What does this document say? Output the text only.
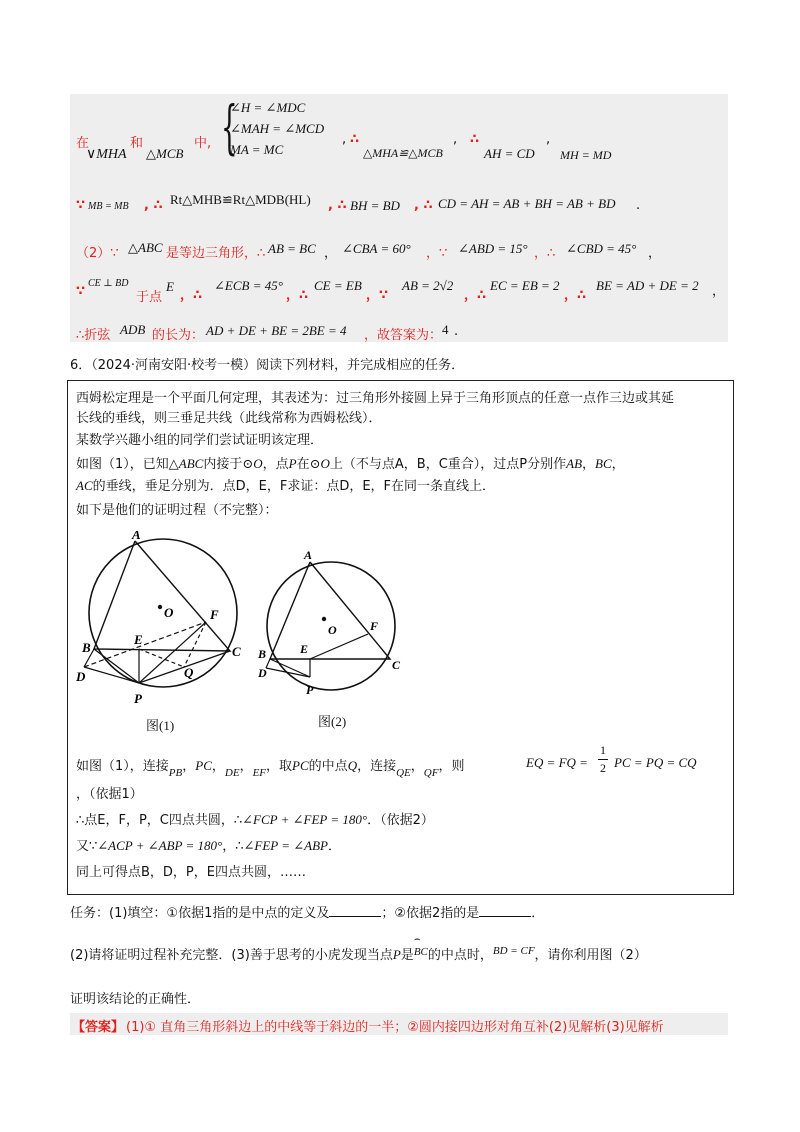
在
∨MHA
和
△MCB
中, {
∠H = ∠MDC
∠MAH = ∠MCD
MA = MC
, ∴
△MHA≌△MCB
, ∴
AH = CD
,
MH = MD
∵ MB = MB , ∴ Rt△MHB≌Rt△MDB(HL) , ∴ BH = BD , ∴ CD = AH = AB + BH = AB + BD .
（2）∵ △ABC 是等边三角形，∴ AB = BC ， ∠CBA = 60° ，∵ ∠ABD = 15° ，∴ ∠CBD = 45° ，
∵
CE ⊥ BD
于点
E
，∴
∠ECB = 45°
，∴
CE = EB
，∵
AB = 2√2
，∴
EC = EB = 2
，∴
BE = AD + DE = 2 ，
∴折弦 ADB 的长为： AD + DE + BE = 2BE = 4 ，故答案为： 4 .
6．（2024·河南安阳·校考一模）阅读下列材料，并完成相应的任务．
西姆松定理是一个平面几何定理，其表述为：过三角形外接圆上异于三角形顶点的任意一点作三边或其延
长线的垂线，则三垂足共线（此线常称为西姆松线）．
某数学兴趣小组的同学们尝试证明该定理．
如图（1），已知△ABC内接于⊙O，点P在⊙O上（不与点A，B，C重合），过点P分别作AB，BC，
AC的垂线，垂足分别为．点D，E，F求证：点D，E，F在同一条直线上．
如下是他们的证明过程（不完整）：
A
B	C
D
E
F
O
Q
P
图(1)
A
B
C
D
E
F
O
P
图(2)
如图（1），连接$_{PB}$，PC，$_{DE}$，$_{EF}$，取PC的中点Q，连接$_{QE}$，$_{QF}$，则	EQ = FQ =
1
2 PC = PQ = CQ
，（依据1）
∴点E，F，P，C四点共圆，∴∠FCP + ∠FEP = 180°．（依据2）
又∵∠ACP + ∠ABP = 180°，∴∠FEP = ∠ABP．
同上可得点B，D，P，E四点共圆，……
任务：(1)填空：①依据1指的是中点的定义及	；②依据2指的是	．
(2)请将证明过程补充完整．(3)善于思考的小虎发现当点P是
⌢
$^{BC}$的中点时，$^{BD = CF}$，请你利用图（2）
证明该结论的正确性．
【答案】 (1)① 直角三角形斜边上的中线等于斜边的一半；②圆内接四边形对角互补(2)见解析(3)见解析
